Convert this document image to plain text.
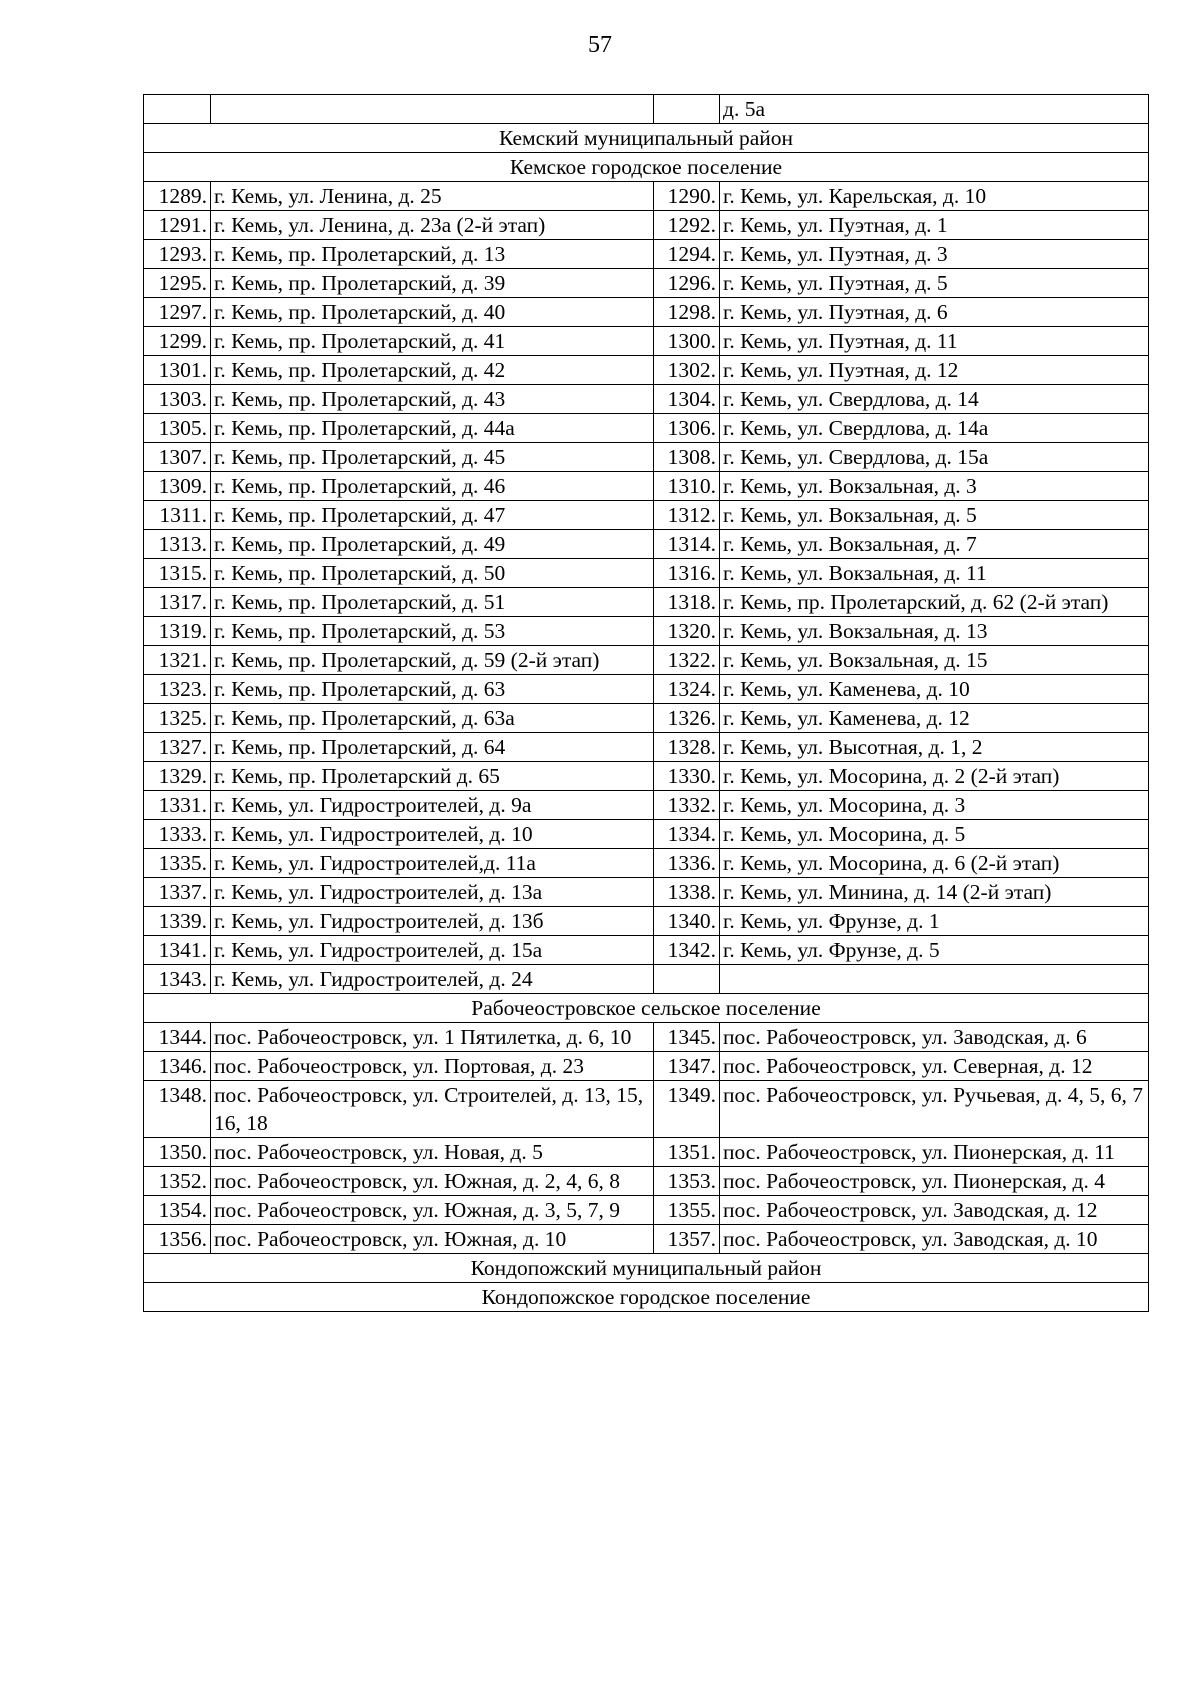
57
			д. 5а
Кемский муниципальный район			
Кемское городское поселение			
1289.	г. Кемь, ул. Ленина, д. 25	1290.	г. Кемь, ул. Карельская, д. 10
1291.	г. Кемь, ул. Ленина, д. 23а (2-й этап)	1292.	г. Кемь, ул. Пуэтная, д. 1
1293.	г. Кемь, пр. Пролетарский, д. 13	1294.	г. Кемь, ул. Пуэтная, д. 3
1295.	г. Кемь, пр. Пролетарский, д. 39	1296.	г. Кемь, ул. Пуэтная, д. 5
1297.	г. Кемь, пр. Пролетарский, д. 40	1298.	г. Кемь, ул. Пуэтная, д. 6
1299.	г. Кемь, пр. Пролетарский, д. 41	1300.	г. Кемь, ул. Пуэтная, д. 11
1301.	г. Кемь, пр. Пролетарский, д. 42	1302.	г. Кемь, ул. Пуэтная, д. 12
1303.	г. Кемь, пр. Пролетарский, д. 43	1304.	г. Кемь, ул. Свердлова, д. 14
1305.	г. Кемь, пр. Пролетарский, д. 44а	1306.	г. Кемь, ул. Свердлова, д. 14а
1307.	г. Кемь, пр. Пролетарский, д. 45	1308.	г. Кемь, ул. Свердлова, д. 15а
1309.	г. Кемь, пр. Пролетарский, д. 46	1310.	г. Кемь, ул. Вокзальная, д. 3
1311.	г. Кемь, пр. Пролетарский, д. 47	1312.	г. Кемь, ул. Вокзальная, д. 5
1313.	г. Кемь, пр. Пролетарский, д. 49	1314.	г. Кемь, ул. Вокзальная, д. 7
1315.	г. Кемь, пр. Пролетарский, д. 50	1316.	г. Кемь, ул. Вокзальная, д. 11
1317.	г. Кемь, пр. Пролетарский, д. 51	1318.	г. Кемь, пр. Пролетарский, д. 62 (2-й этап)
1319.	г. Кемь, пр. Пролетарский, д. 53	1320.	г. Кемь, ул. Вокзальная, д. 13
1321.	г. Кемь, пр. Пролетарский, д. 59 (2-й этап)	1322.	г. Кемь, ул. Вокзальная, д. 15
1323.	г. Кемь, пр. Пролетарский, д. 63	1324.	г. Кемь, ул. Каменева, д. 10
1325.	г. Кемь, пр. Пролетарский, д. 63а	1326.	г. Кемь, ул. Каменева, д. 12
1327.	г. Кемь, пр. Пролетарский, д. 64	1328.	г. Кемь, ул. Высотная, д. 1, 2
1329.	г. Кемь, пр. Пролетарский д. 65	1330.	г. Кемь, ул. Мосорина, д. 2 (2-й этап)
1331.	г. Кемь, ул. Гидростроителей, д. 9а	1332.	г. Кемь, ул. Мосорина, д. 3
1333.	г. Кемь, ул. Гидростроителей, д. 10	1334.	г. Кемь, ул. Мосорина, д. 5
1335.	г. Кемь, ул. Гидростроителей,д. 11а	1336.	г. Кемь, ул. Мосорина, д. 6 (2-й этап)
1337.	г. Кемь, ул. Гидростроителей, д. 13а	1338.	г. Кемь, ул. Минина, д. 14 (2-й этап)
1339.	г. Кемь, ул. Гидростроителей, д. 13б	1340.	г. Кемь, ул. Фрунзе, д. 1
1341.	г. Кемь, ул. Гидростроителей, д. 15а	1342.	г. Кемь, ул. Фрунзе, д. 5
1343.	г. Кемь, ул. Гидростроителей, д. 24		
Рабочеостровское сельское поселение			
1344.	пос. Рабочеостровск, ул. 1 Пятилетка, д. 6, 10	1345.	пос. Рабочеостровск, ул. Заводская, д. 6
1346.	пос. Рабочеостровск, ул. Портовая, д. 23	1347.	пос. Рабочеостровск, ул. Северная, д. 12
1348.	пос. Рабочеостровск, ул. Строителей, д. 13, 15, 16, 18	1349.	пос. Рабочеостровск, ул. Ручьевая, д. 4, 5, 6, 7
1350.	пос. Рабочеостровск, ул. Новая, д. 5	1351.	пос. Рабочеостровск, ул. Пионерская, д. 11
1352.	пос. Рабочеостровск, ул. Южная, д. 2, 4, 6, 8	1353.	пос. Рабочеостровск, ул. Пионерская, д. 4
1354.	пос. Рабочеостровск, ул. Южная, д. 3, 5, 7, 9	1355.	пос. Рабочеостровск, ул. Заводская, д. 12
1356.	пос. Рабочеостровск, ул. Южная, д. 10	1357.	пос. Рабочеостровск, ул. Заводская, д. 10
Кондопожский муниципальный район			
Кондопожское городское поселение			
